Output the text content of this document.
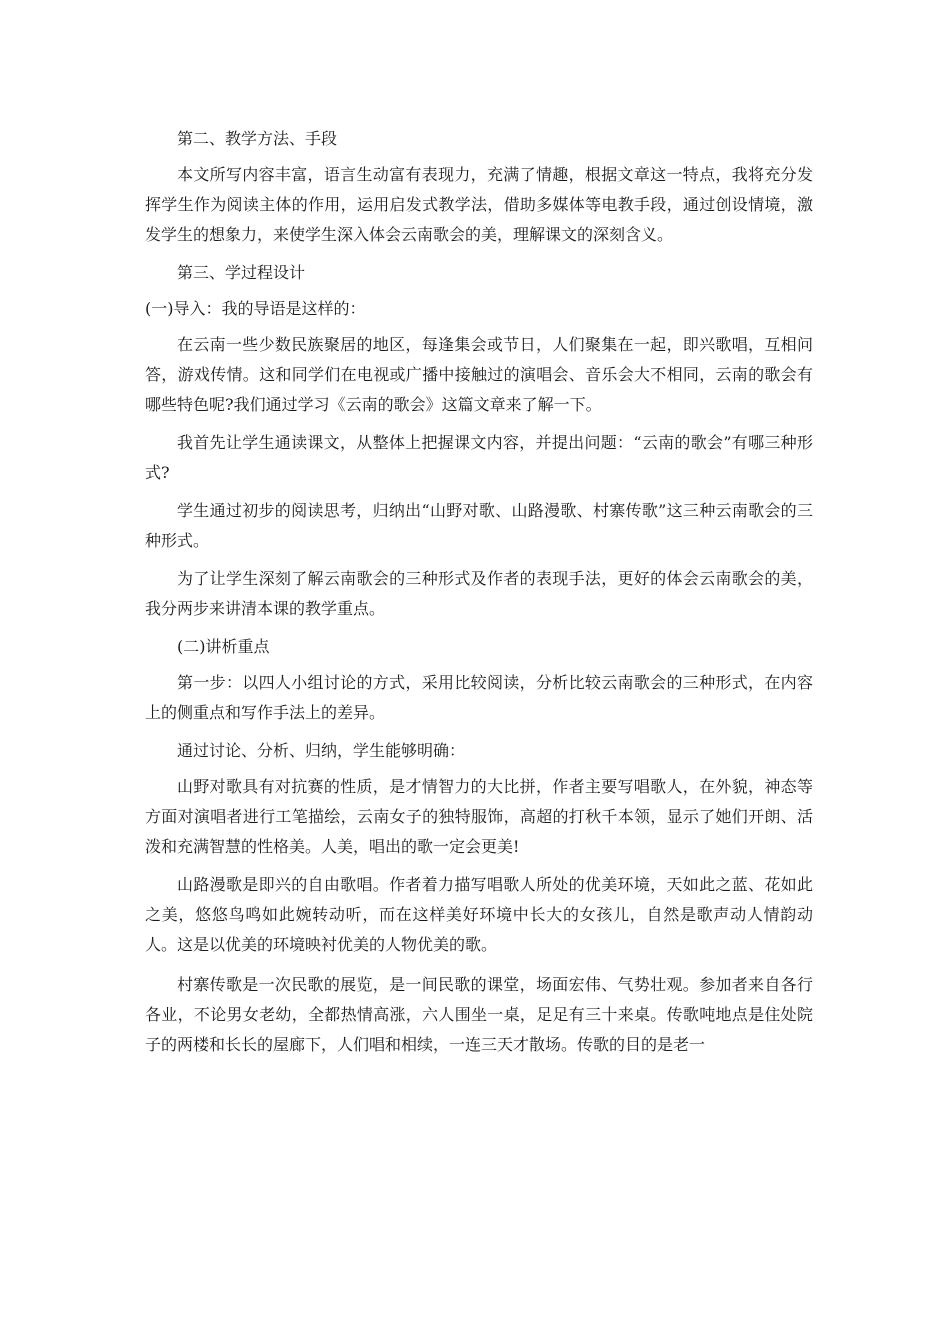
第二、教学方法、手段

本文所写内容丰富，语言生动富有表现力，充满了情趣，根据文章这一特点，我将充分发挥学生作为阅读主体的作用，运用启发式教学法，借助多媒体等电教手段，通过创设情境，激发学生的想象力，来使学生深入体会云南歌会的美，理解课文的深刻含义。

第三、学过程设计

(一)导入：我的导语是这样的：

在云南一些少数民族聚居的地区，每逢集会或节日，人们聚集在一起，即兴歌唱，互相问答，游戏传情。这和同学们在电视或广播中接触过的演唱会、音乐会大不相同，云南的歌会有哪些特色呢?我们通过学习《云南的歌会》这篇文章来了解一下。

我首先让学生通读课文，从整体上把握课文内容，并提出问题：“云南的歌会”有哪三种形式?

学生通过初步的阅读思考，归纳出“山野对歌、山路漫歌、村寨传歌”这三种云南歌会的三种形式。

为了让学生深刻了解云南歌会的三种形式及作者的表现手法，更好的体会云南歌会的美，我分两步来讲清本课的教学重点。

(二)讲析重点

第一步：以四人小组讨论的方式，采用比较阅读，分析比较云南歌会的三种形式，在内容上的侧重点和写作手法上的差异。

通过讨论、分析、归纳，学生能够明确：

山野对歌具有对抗赛的性质，是才情智力的大比拼，作者主要写唱歌人，在外貌，神态等方面对演唱者进行工笔描绘，云南女子的独特服饰，高超的打秋千本领，显示了她们开朗、活泼和充满智慧的性格美。人美，唱出的歌一定会更美!

山路漫歌是即兴的自由歌唱。作者着力描写唱歌人所处的优美环境，天如此之蓝、花如此之美，悠悠鸟鸣如此婉转动听，而在这样美好环境中长大的女孩儿，自然是歌声动人情韵动人。这是以优美的环境映衬优美的人物优美的歌。

村寨传歌是一次民歌的展览，是一间民歌的课堂，场面宏伟、气势壮观。参加者来自各行各业，不论男女老幼，全都热情高涨，六人围坐一桌，足足有三十来桌。传歌吨地点是住处院子的两楼和长长的屋廊下，人们唱和相续，一连三天才散场。传歌的目的是老一
